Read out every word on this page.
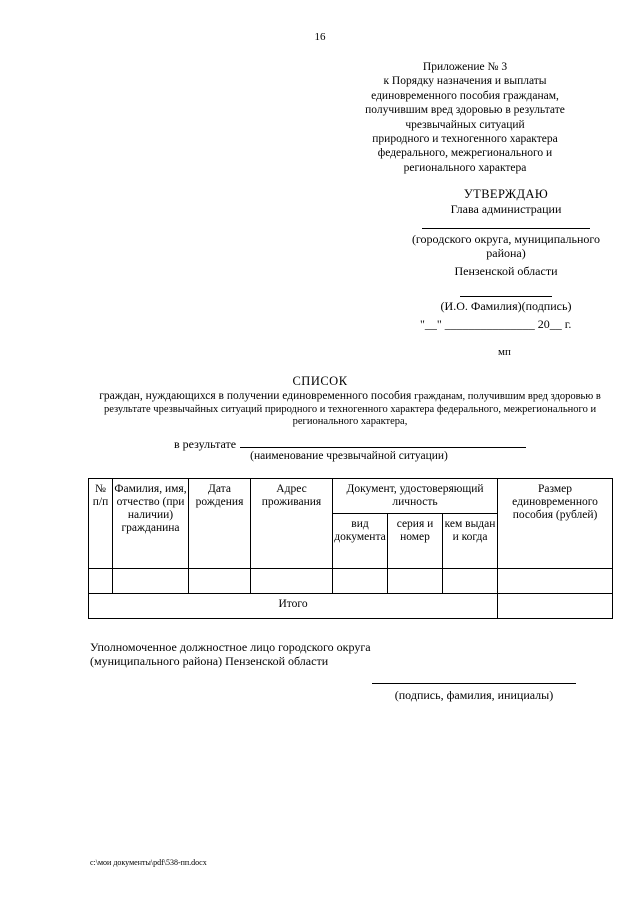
16
Приложение № 3
к Порядку назначения и выплаты
единовременного пособия гражданам,
получившим вред здоровью в результате
чрезвычайных ситуаций
природного и техногенного характера
федерального, межрегионального и
регионального характера
УТВЕРЖДАЮ
Глава администрации
(городского округа, муниципального района)
Пензенской области
(И.О. Фамилия)(подпись)
"__" _______________ 20__ г.
мп
СПИСОК
граждан, нуждающихся в получении единовременного пособия гражданам, получившим вред здоровью в результате чрезвычайных ситуаций природного и техногенного характера федерального, межрегионального и регионального характера,
в результате
(наименование чрезвычайной ситуации)
№ п/п	Фамилия, имя, отчество (при наличии) гражданина	Дата рождения	Адрес проживания	Документ, удостоверяющий личность			Размер единовременного пособия (рублей)
				вид документа	серия и номер	кем выдан и когда	

Итого							
Уполномоченное должностное лицо городского округа (муниципального района) Пензенской области
(подпись, фамилия, инициалы)
c:\мои документы\pdf\538-пп.docx
